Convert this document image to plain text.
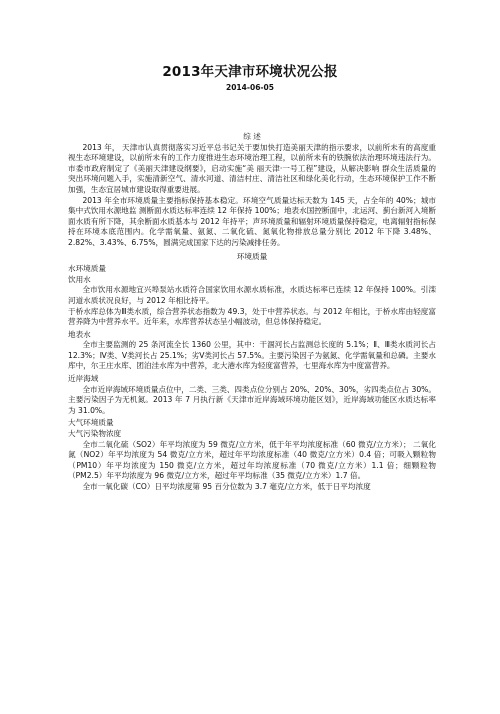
2013年天津市环境状况公报
2014-06-05

综 述

2013 年， 天津市认真贯彻落实习近平总书记关于要加快打造美丽天津的指示要求，以前所未有的高度重视生态环境建设，以前所未有的工作力度推进生态环境治理工程，以前所未有的铁腕依法治理环境违法行为。市委市政府制定了《美丽天津建设纲要》，启动实施“美 丽天津·一号工程”建设，从解决影响 群众生活质量的突出环境问题入手，实施清新空气、清水河道、清洁村庄、清洁社区和绿化美化行动，生态环境保护工作不断加强，生态宜居城市建设取得重要进展。

2013 年全市环境质量主要指标保持基本稳定。环境空气质量达标天数为 145 天，占全年的 40%；城市集中式饮用水源地监 测断面水质达标率连续 12 年保持 100%；地表水国控断面中，北运河、蓟台新河入境断面水质有所下降，其余断面水质基本与 2012 年持平；声环境质量和辐射环境质量保持稳定，电离辐射指标保持在环境本底范围内。化学需氧量、氨氮、二氧化硫、氮氧化物排放总量分别比 2012 年下降 3.48%、2.82%、3.43%、6.75%，圆满完成国家下达的污染减排任务。

环境质量

水环境质量

饮用水

全市饮用水源地宜兴埠泵站水质符合国家饮用水源水质标准，水质达标率已连续 12 年保持 100%。引滦河道水质状况良好，与 2012 年相比持平。

于桥水库总体为Ⅲ类水质，综合营养状态指数为 49.3，处于中营养状态。与 2012 年相比，于桥水库由轻度富营养降为中营养水平。近年来，水库营养状态呈小幅波动，但总体保持稳定。

地表水

全市主要监测的 25 条河流全长 1360 公里，其中：干涸河长占监测总长度的 5.1%；Ⅱ、Ⅲ类水质河长占 12.3%；Ⅳ类、Ⅴ类河长占 25.1%；劣Ⅴ类河长占 57.5%。主要污染因子为氨氮、化学需氧量和总磷。主要水库中，尔王庄水库、团泊洼水库为中营养，北大港水库为轻度富营养，七里海水库为中度富营养。

近岸海域

全市近岸海域环境质量点位中，二类、三类、四类点位分别占 20%、20%、30%，劣四类点位占 30%。主要污染因子为无机氮。2013 年 7 月执行新《天津市近岸海域环境功能区划》，近岸海域功能区水质达标率为 31.0%。

大气环境质量

大气污染物浓度

全市二氧化硫（SO2）年平均浓度为 59 微克/立方米，低于年平均浓度标准（60 微克/立方米）； 二氧化氮（NO2）年平均浓度为 54 微克/立方米，超过年平均浓度标准（40 微克/立方米）0.4 倍；可吸入颗粒物（PM10）年平均浓度为 150 微克/立方米，超过年均浓度标准（70 微克/立方米）1.1 倍；细颗粒物（PM2.5）年平均浓度为 96 微克/立方米，超过年平均标准（35 微克/立方米）1.7 倍。

全市一氧化碳（CO）日平均浓度第 95 百分位数为 3.7 毫克/立方米，低于日平均浓度
